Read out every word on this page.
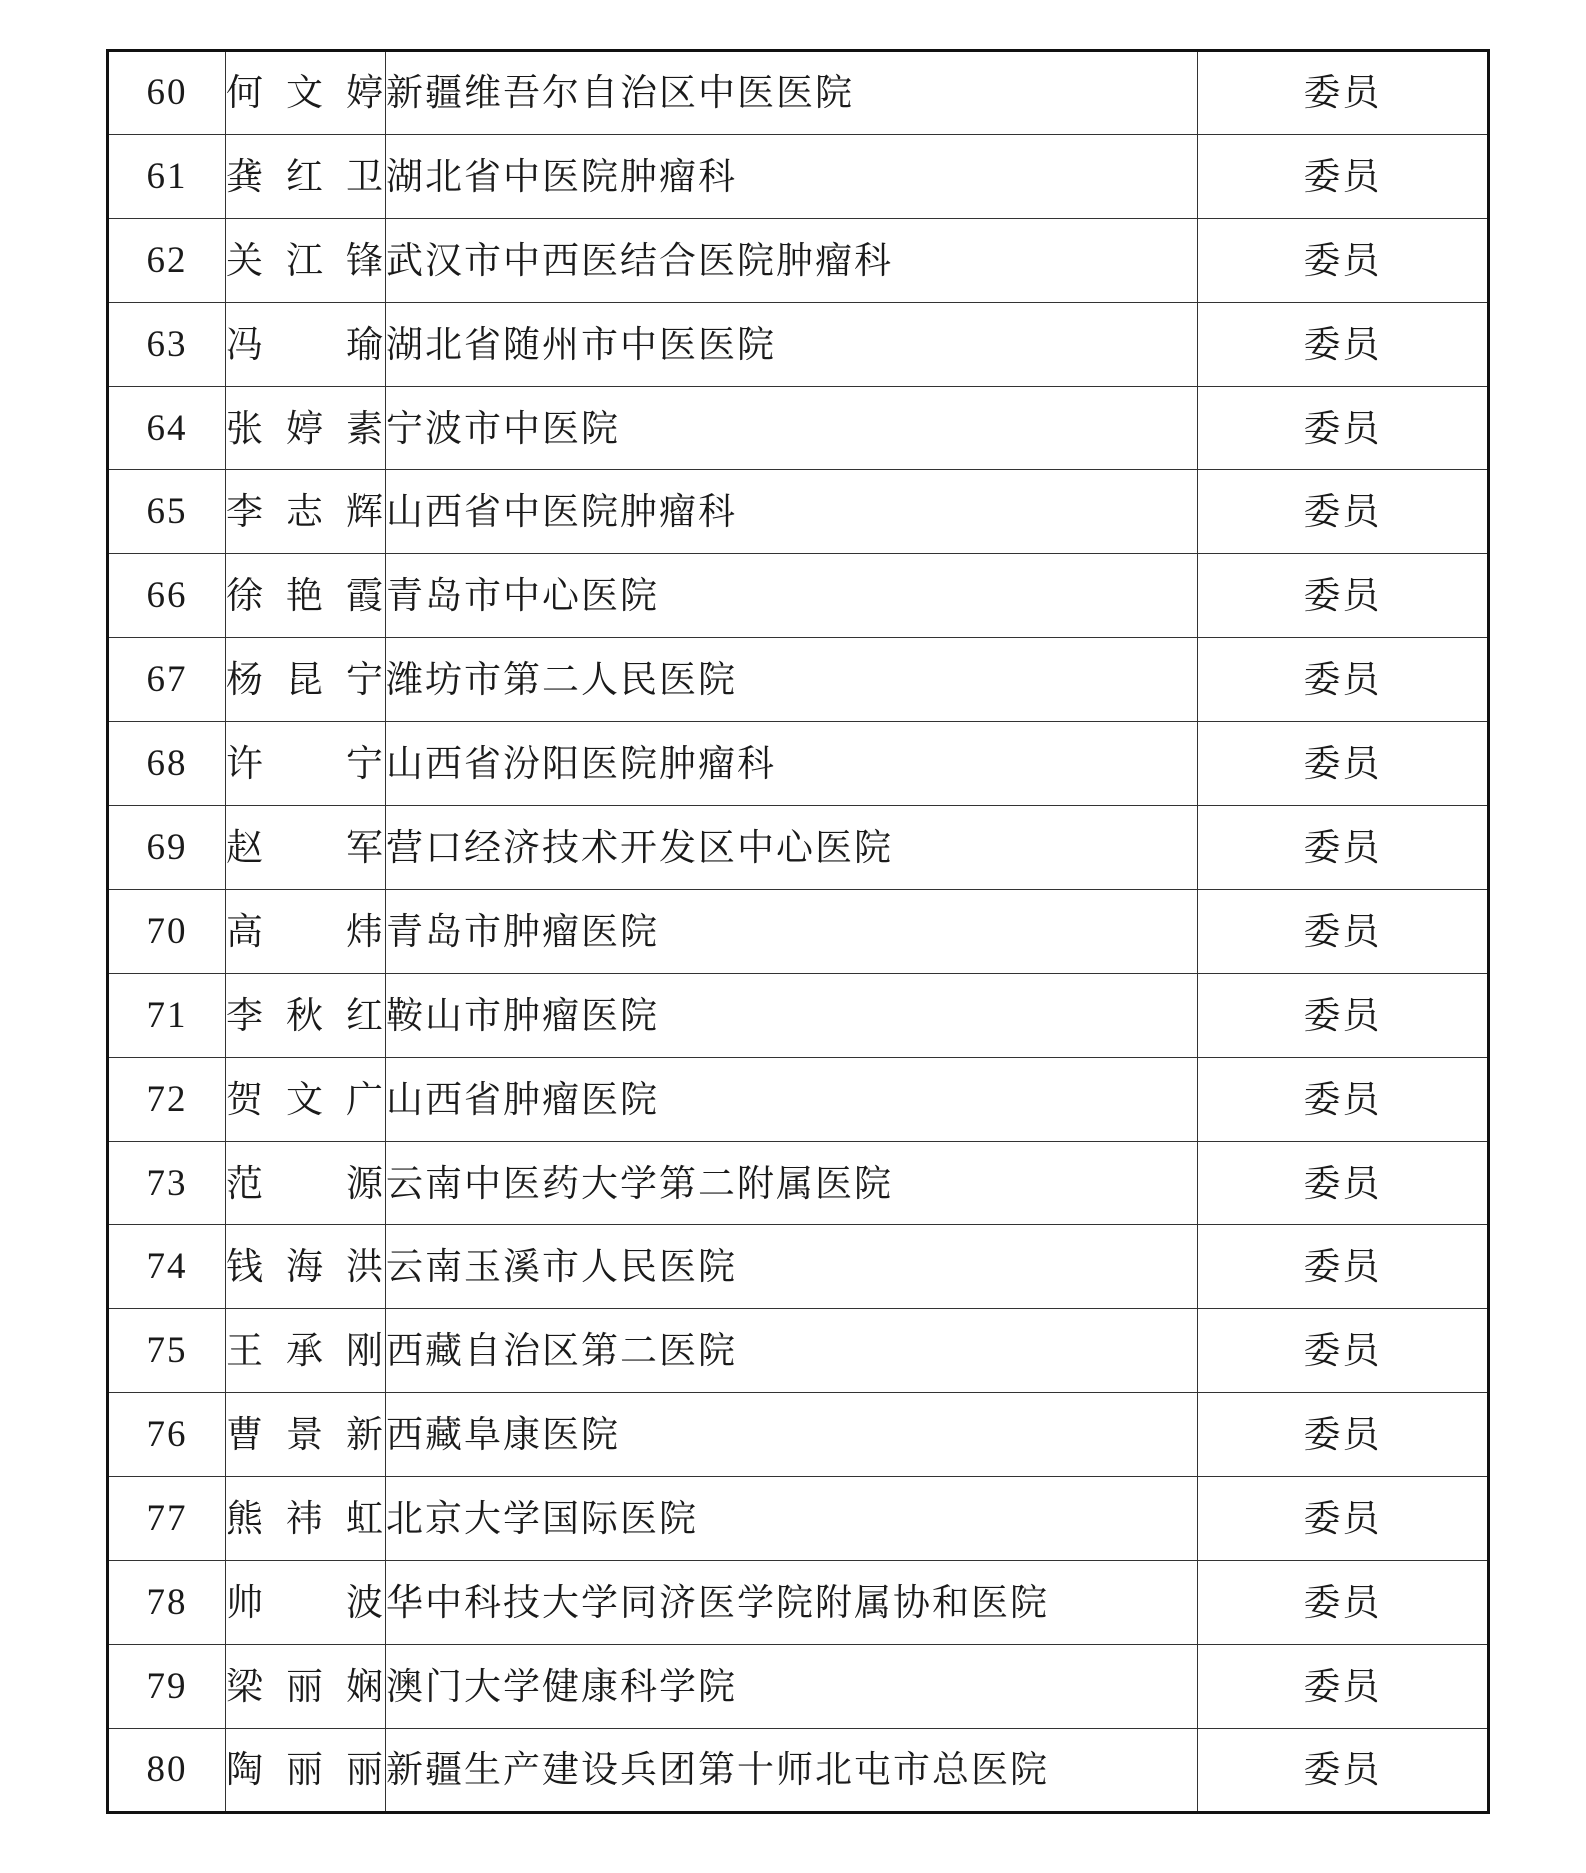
60	何文婷	新疆维吾尔自治区中医医院	委员
61	龚红卫	湖北省中医院肿瘤科	委员
62	关江锋	武汉市中西医结合医院肿瘤科	委员
63	冯 瑜	湖北省随州市中医医院	委员
64	张婷素	宁波市中医院	委员
65	李志辉	山西省中医院肿瘤科	委员
66	徐艳霞	青岛市中心医院	委员
67	杨昆宁	潍坊市第二人民医院	委员
68	许 宁	山西省汾阳医院肿瘤科	委员
69	赵 军	营口经济技术开发区中心医院	委员
70	高 炜	青岛市肿瘤医院	委员
71	李秋红	鞍山市肿瘤医院	委员
72	贺文广	山西省肿瘤医院	委员
73	范 源	云南中医药大学第二附属医院	委员
74	钱海洪	云南玉溪市人民医院	委员
75	王承刚	西藏自治区第二医院	委员
76	曹景新	西藏阜康医院	委员
77	熊祎虹	北京大学国际医院	委员
78	帅 波	华中科技大学同济医学院附属协和医院	委员
79	梁丽娴	澳门大学健康科学院	委员
80	陶丽丽	新疆生产建设兵团第十师北屯市总医院	委员
